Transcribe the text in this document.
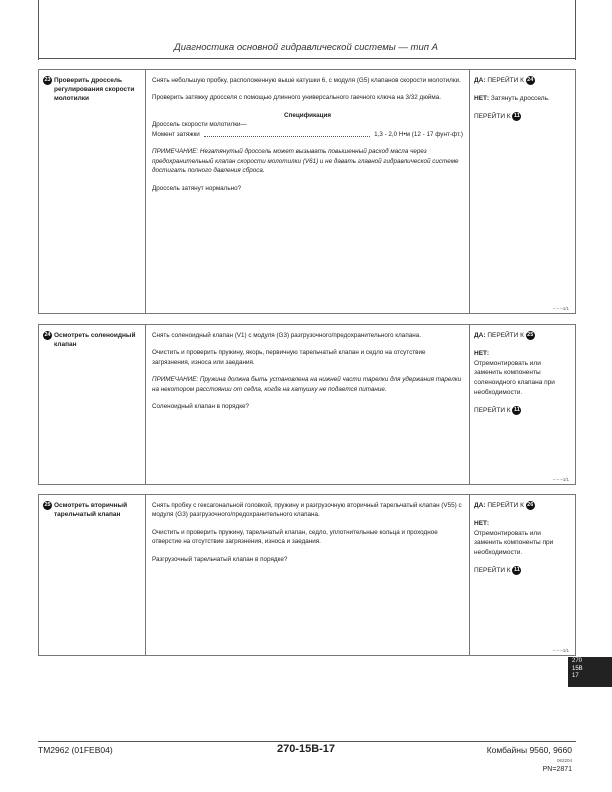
Диагностика основной гидравлической системы — тип А
23 Проверить дроссель регулирования скорости молотилки

Снять небольшую пробку, расположенную выше катушки 6, с модуля (G5) клапанов скорости молотилки.

Проверить затяжку дросселя с помощью длинного универсального гаечного ключа на 3/32 дюйма.

Спецификация

Дроссель скорости молотилки—
Момент затяжки	1,3 - 2,0 Н•м (12 - 17 фунт-фт.)

ПРИМЕЧАНИЕ: Незатянутый дроссель может вызывать повышенный расход масла через предохранительный клапан скорости молотилки (V61) и не давать главной гидравлической системе достигать полного давления сброса.

Дроссель затянут нормально?

ДА: ПЕРЕЙТИ К 24

НЕТ: Затянуть дроссель.

ПЕРЕЙТИ К 11

– – –1/1
24 Осмотреть соленоидный клапан

Снять соленоидный клапан (V1) с модуля (G3) разгрузочного/предохранительного клапана.

Очистить и проверить пружину, якорь, первичную тарельчатый клапан и седло на отсутствие загрязнения, износа или заедания.

ПРИМЕЧАНИЕ: Пружина должна быть установлена на нижней части тарелки для удержания тарелки на некотором расстоянии от седла, когда на катушку не подается питание.

Соленоидный клапан в порядке?

ДА: ПЕРЕЙТИ К 25

НЕТ:
Отремонтировать или заменить компоненты соленоидного клапана при необходимости.

ПЕРЕЙТИ К 11

– – –1/1
25 Осмотреть вторичный тарельчатый клапан

Снять пробку с гексагональной головкой, пружину и разгрузочную вторичный тарельчатый клапан (V55) с модуля (G3) разгрузочного/предохранительного клапана.

Очистить и проверить пружину, тарельчатый клапан, седло, уплотнительные кольца и проходное отверстие на отсутствие загрязнения, износа и заедания.

Разгрузочный тарельчатый клапан в порядке?

ДА: ПЕРЕЙТИ К 26

НЕТ:
Отремонтировать или заменить компоненты при необходимости.

ПЕРЕЙТИ К 11

– – –1/1
270
15B
17
TM2962 (01FEB04)	270-15B-17	Комбайны 9560, 9660
062204
PN=2871
